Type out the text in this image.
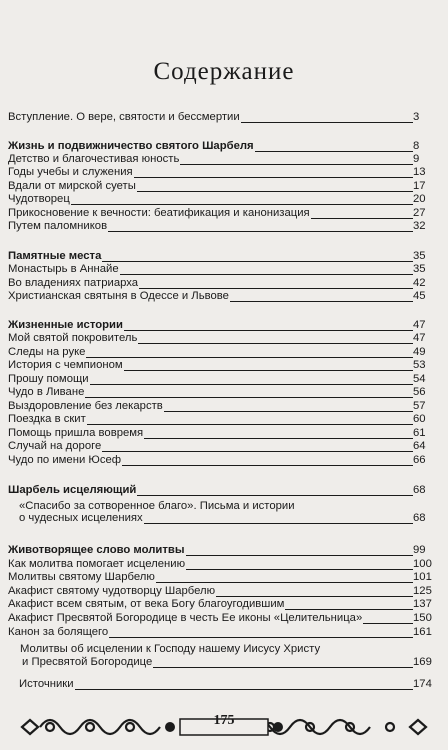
Содержание
Вступление. О вере, святости и бессмертии	3
Жизнь и подвижничество святого Шарбеля	8
Детство и благочестивая юность	9
Годы учебы и служения	13
Вдали от мирской суеты	17
Чудотворец	20
Прикосновение к вечности: беатификация и канонизация	27
Путем паломников	32
Памятные места	35
Монастырь в Аннайе	35
Во владениях патриарха	42
Христианская святыня в Одессе и Львове	45
Жизненные истории	47
Мой святой покровитель	47
Следы на руке	49
История с чемпионом	53
Прошу помощи	54
Чудо в Ливане	56
Выздоровление без лекарств	57
Поездка в скит	60
Помощь пришла вовремя	61
Случай на дороге	64
Чудо по имени Юсеф	66
Шарбель исцеляющий	68
«Спасибо за сотворенное благо». Письма и истории
о чудесных исцелениях	68
Животворящее слово молитвы	99
Как молитва помогает исцелению	100
Молитвы святому Шарбелю	101
Акафист святому чудотворцу Шарбелю	125
Акафист всем святым, от века Богу благоугодившим	137
Акафист Пресвятой Богородице в честь Ее иконы «Целительница»	150
Канон за болящего	161
Молитвы об исцелении к Господу нашему Иисусу Христу
и Пресвятой Богородице	169
Источники	174
175
